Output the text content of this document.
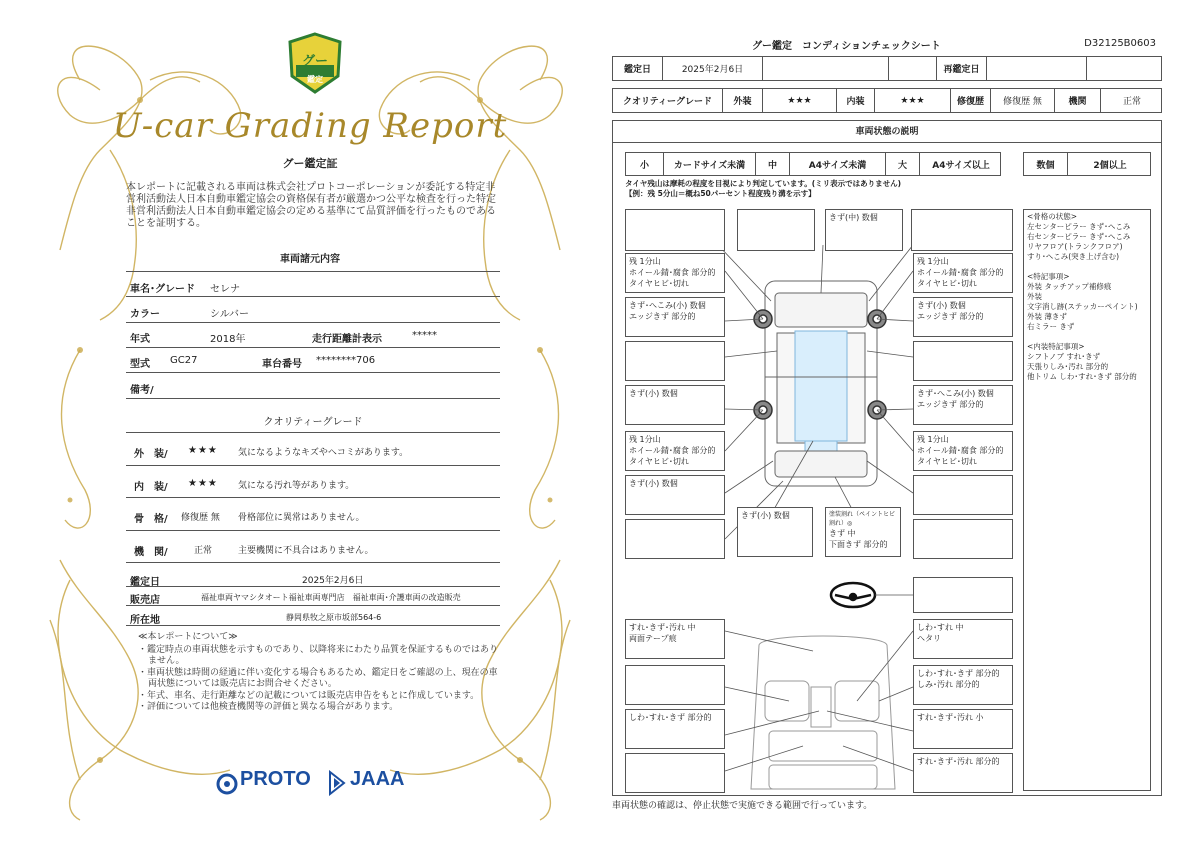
グー
鑑定
U-car Grading Report
グー鑑定証
本レポートに記載される車両は株式会社プロトコーポレーションが委託する特定非営利活動法人日本自動車鑑定協会の資格保有者が厳選かつ公平な検査を行った特定非営利活動法人日本自動車鑑定協会の定める基準にて品質評価を行ったものであることを証明する。
車両諸元内容
車名･グレード セレナ
カラー	シルバー
年式	2018年	走行距離計表示	*****
型式 GC27	車台番号 ********706
備考/
クオリティーグレード
外　装/ ★★★ 気になるようなキズやヘコミがあります。
内　装/ ★★★ 気になる汚れ等があります。
骨　格/ 修復歴 無 骨格部位に異常はありません。
機　関/	正常	主要機関に不具合はありません。
鑑定日	2025年2月6日
販売店	福祉車両ヤマシタオート福祉車両専門店　福祉車両･介護車両の改造販売
所在地	静岡県牧之原市坂部564-6
≪本レポートについて≫
・鑑定時点の車両状態を示すものであり、以降将来にわたり品質を保証するものではありません。
・車両状態は時間の経過に伴い変化する場合もあるため、鑑定日をご確認の上、現在の車両状態については販売店にお問合せください。
・年式、車名、走行距離などの記載については販売店申告をもとに作成しています。
・評価については他検査機関等の評価と異なる場合があります。
PROTO JAAA
グー鑑定　コンディションチェックシート	D32125B0603
鑑定日	2025年2月6日	再鑑定日
クオリティーグレード	外装	★★★	内装	★★★	修復歴	修復歴 無	機関	正常
車両状態の説明
小	カードサイズ未満	中	A4サイズ未満	大	A4サイズ以上	数個	2個以上
タイヤ残山は摩耗の程度を目視により判定しています。(ミリ表示ではありません)
【例：残 5分山＝概ね50パーセント程度残り溝を示す】
きず(中) 数個
残 1分山
ホイール錆･腐食 部分的
タイヤヒビ･切れ
きず･へこみ(小) 数個
エッジきず 部分的
きず(小) 数個
残 1分山
ホイール錆･腐食 部分的
タイヤヒビ･切れ
きず(小) 数個
残 1分山
ホイール錆･腐食 部分的
タイヤヒビ･切れ
きず(小) 数個
エッジきず 部分的
きず･へこみ(小) 数個
エッジきず 部分的
残 1分山
ホイール錆･腐食 部分的
タイヤヒビ･切れ
きず(小) 数個	塗装割れ（ペイントヒビ割れ）◎
きず 中
下面きず 部分的
すれ･きず･汚れ 中
両面テープ痕
しわ･すれ 中
ヘタリ
しわ･すれ･きず 部分的
しみ･汚れ 部分的
しわ･すれ･きず 部分的	すれ･きず･汚れ 小
すれ･きず･汚れ 部分的
<骨格の状態>
左センターピラー きず･へこみ
右センターピラー きず･へこみ
リヤフロア(トランクフロア)
すり･へこみ(突き上げ含む)

<特記事項>
外装 タッチアップ補修痕
外装
文字消し跡(ステッカーペイント)
外装 薄きず
右ミラー きず

<内装特記事項>
シフトノブ すれ･きず
天張りしみ･汚れ 部分的
他トリム しわ･すれ･きず 部分的
車両状態の確認は、停止状態で実施できる範囲で行っています。
